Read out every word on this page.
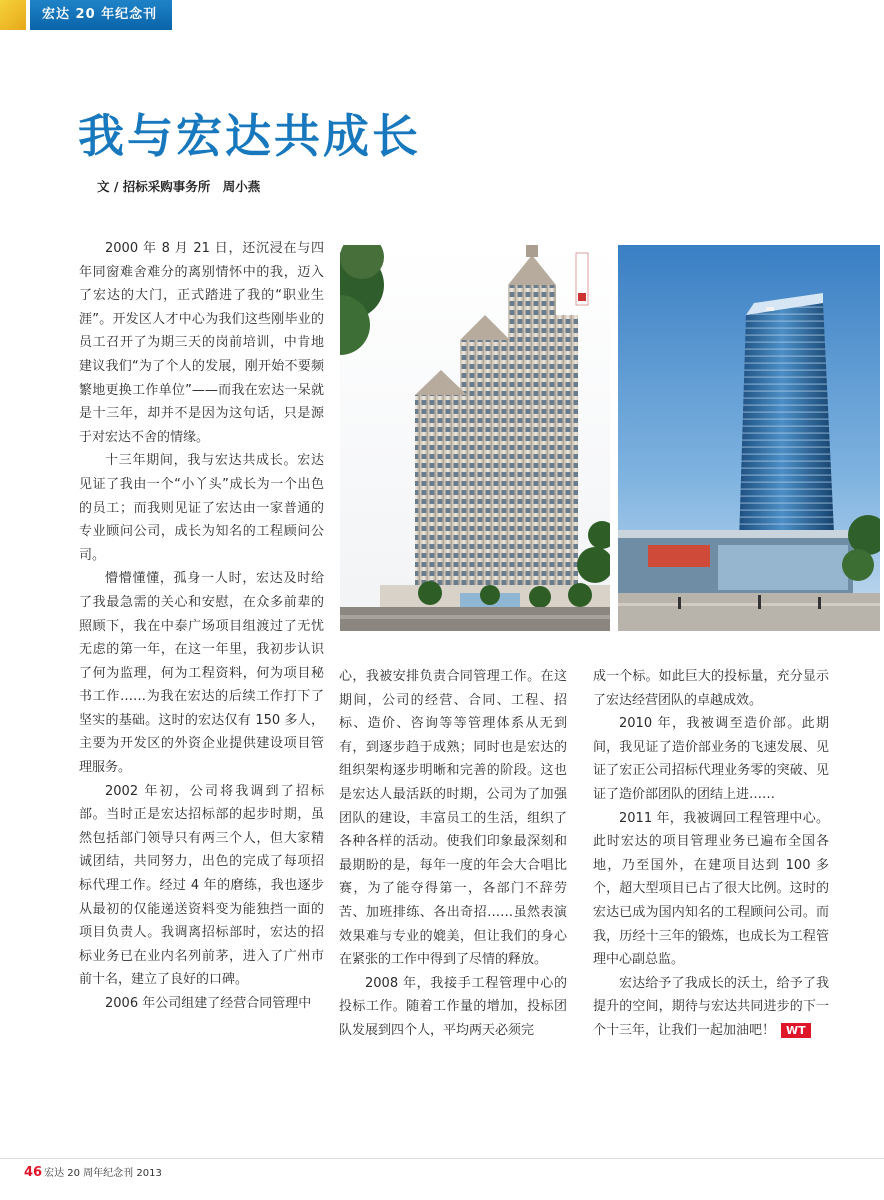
宏达 20 年纪念刊
我与宏达共成长
文 / 招标采购事务所　周小燕

2000 年 8 月 21 日，还沉浸在与四年同窗难舍难分的离别情怀中的我，迈入了宏达的大门，正式踏进了我的“职业生涯”。开发区人才中心为我们这些刚毕业的员工召开了为期三天的岗前培训，中肯地建议我们“为了个人的发展，刚开始不要频繁地更换工作单位”——而我在宏达一呆就是十三年，却并不是因为这句话，只是源于对宏达不舍的情缘。

十三年期间，我与宏达共成长。宏达见证了我由一个“小丫头”成长为一个出色的员工；而我则见证了宏达由一家普通的专业顾问公司，成长为知名的工程顾问公司。

懵懵懂懂，孤身一人时，宏达及时给了我最急需的关心和安慰，在众多前辈的照顾下，我在中泰广场项目组渡过了无忧无虑的第一年，在这一年里，我初步认识了何为监理，何为工程资料，何为项目秘书工作……为我在宏达的后续工作打下了坚实的基础。这时的宏达仅有 150 多人，主要为开发区的外资企业提供建设项目管理服务。

2002 年初，公司将我调到了招标部。当时正是宏达招标部的起步时期，虽然包括部门领导只有两三个人，但大家精诚团结，共同努力，出色的完成了每项招标代理工作。经过 4 年的磨练，我也逐步从最初的仅能递送资料变为能独挡一面的项目负责人。我调离招标部时，宏达的招标业务已在业内名列前茅，进入了广州市前十名，建立了良好的口碑。

2006 年公司组建了经营合同管理中

心，我被安排负责合同管理工作。在这期间，公司的经营、合同、工程、招标、造价、咨询等等管理体系从无到有，到逐步趋于成熟；同时也是宏达的组织架构逐步明晰和完善的阶段。这也是宏达人最活跃的时期，公司为了加强团队的建设，丰富员工的生活，组织了各种各样的活动。使我们印象最深刻和最期盼的是，每年一度的年会大合唱比赛，为了能夺得第一，各部门不辞劳苦、加班排练、各出奇招……虽然表演效果难与专业的媲美，但让我们的身心在紧张的工作中得到了尽情的释放。

2008 年，我接手工程管理中心的投标工作。随着工作量的增加，投标团队发展到四个人，平均两天必须完

成一个标。如此巨大的投标量，充分显示了宏达经营团队的卓越成效。

2010 年，我被调至造价部。此期间，我见证了造价部业务的飞速发展、见证了宏正公司招标代理业务零的突破、见证了造价部团队的团结上进……

2011 年，我被调回工程管理中心。此时宏达的项目管理业务已遍布全国各地，乃至国外，在建项目达到 100 多个，超大型项目已占了很大比例。这时的宏达已成为国内知名的工程顾问公司。而我，历经十三年的锻炼，也成长为工程管理中心副总监。

宏达给予了我成长的沃土，给予了我提升的空间，期待与宏达共同进步的下一个十三年，让我们一起加油吧！ WT

46 宏达 20 周年纪念刊 2013
